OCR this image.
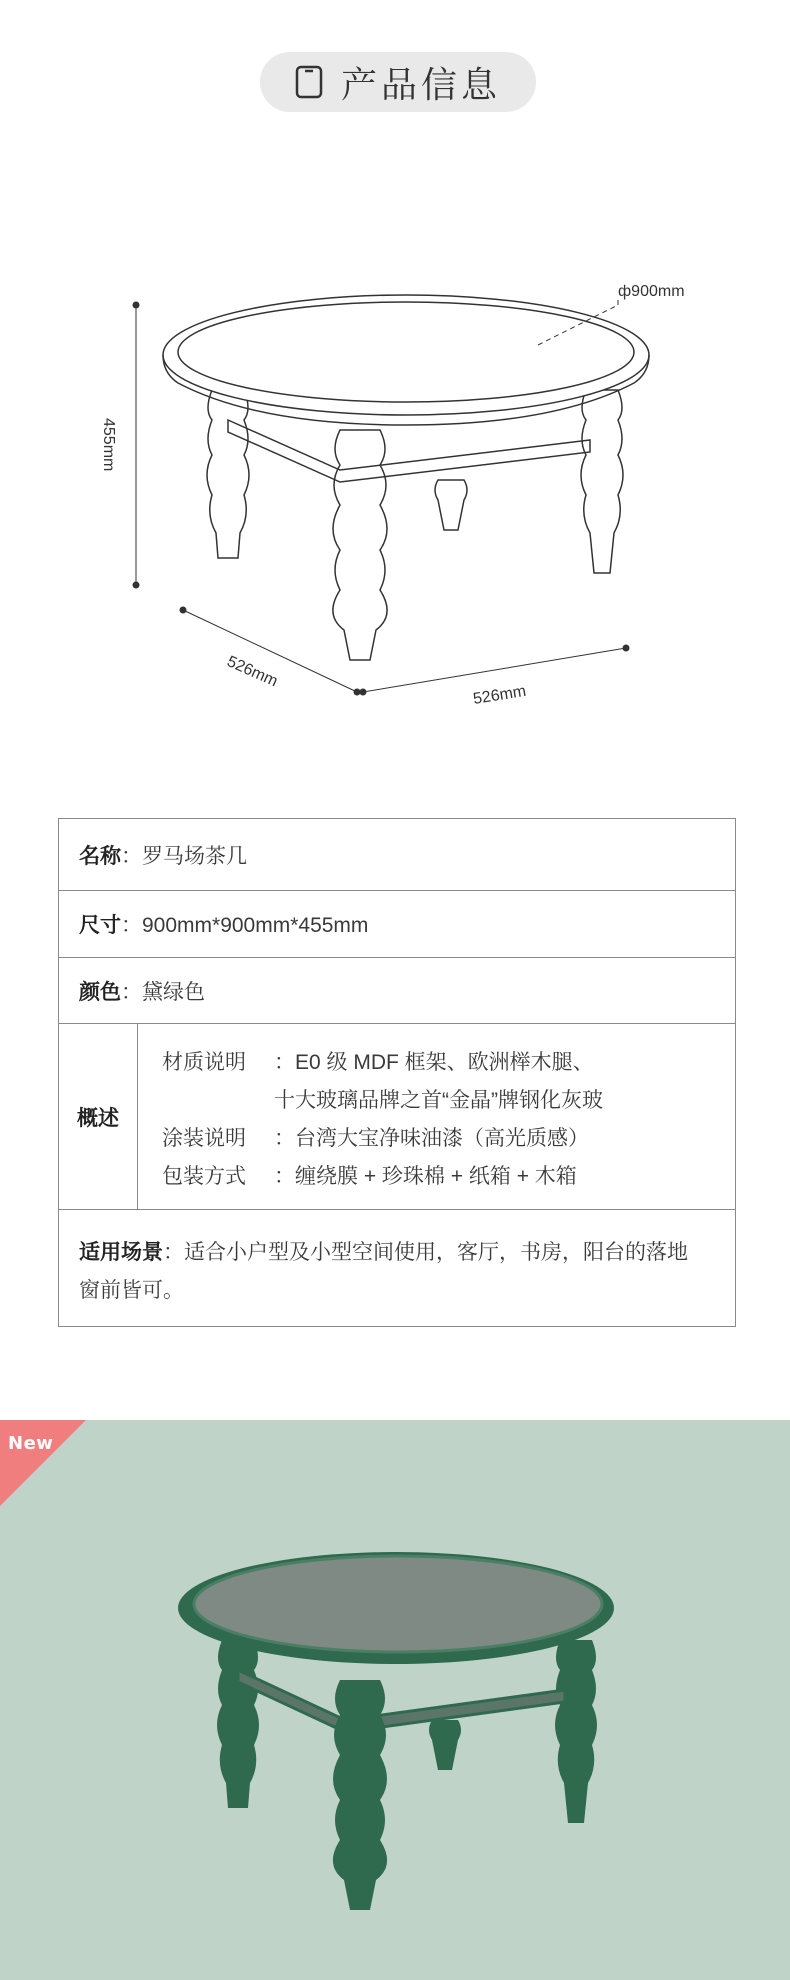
产品信息
ф900mm
455mm
526mm
526mm
名称 ：罗马场茶几
尺寸 ：900mm*900mm*455mm
颜色 ：黛绿色
概述
材质说明	：E0 级 MDF 框架、欧洲榉木腿、
十大玻璃品牌之首“金晶”牌钢化灰玻
涂装说明	：台湾大宝净味油漆（高光质感）
包装方式	：缠绕膜 + 珍珠棉 + 纸箱 + 木箱
适用场景：适合小户型及小型空间使用，客厅，书房，阳台的落地窗前皆可。
New
